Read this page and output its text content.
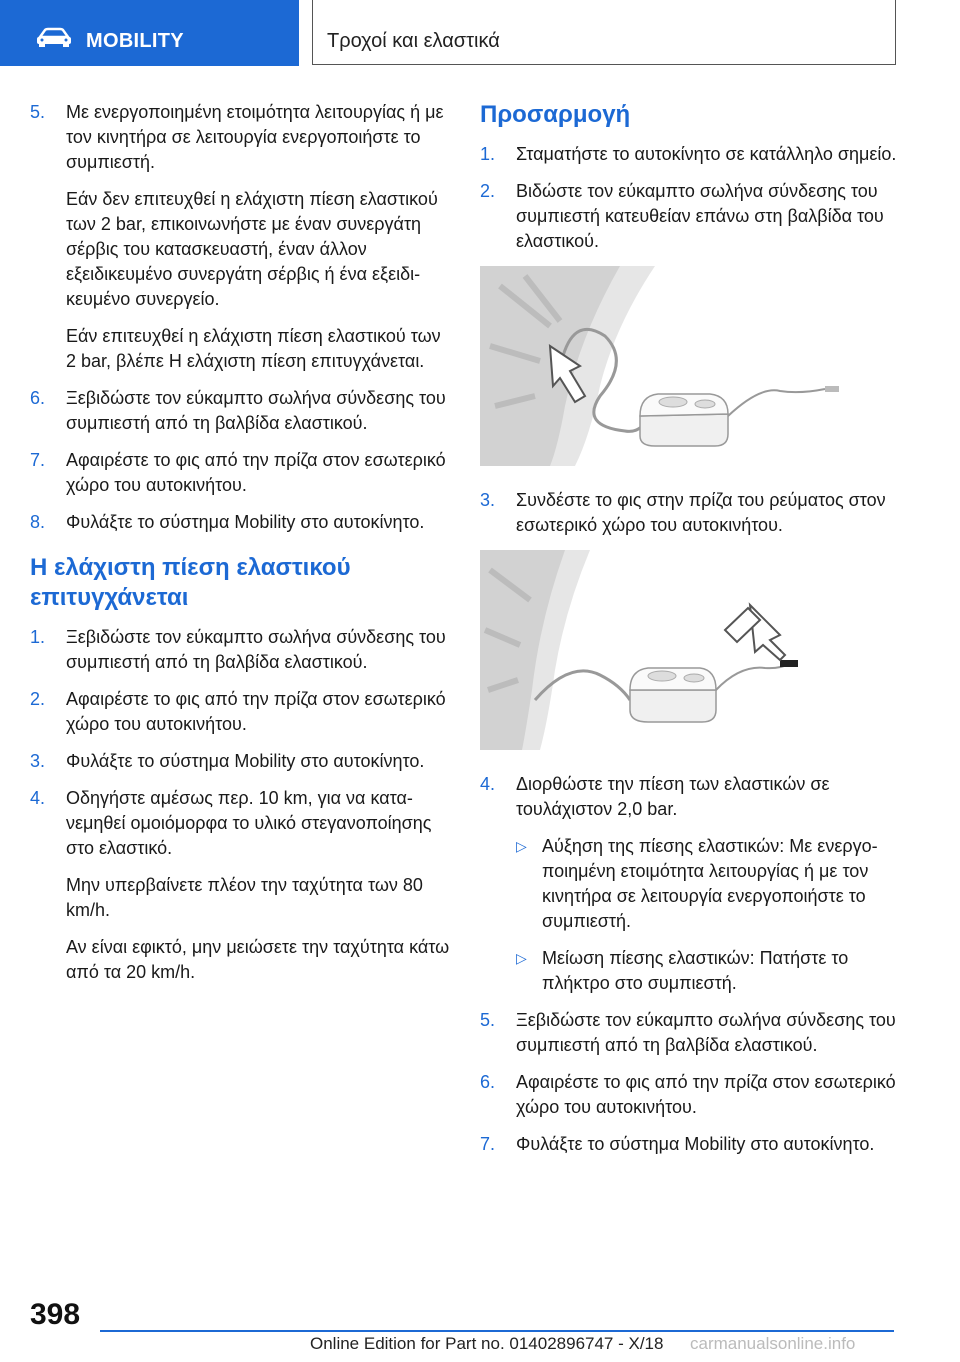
MOBILITY	Τροχοί και ελαστικά
5. Με ενεργοποιημένη ετοιμότητα λειτουργίας ή με τον κινητήρα σε λειτουργία ενεργοποιήστε το συμπιεστή.
Εάν δεν επιτευχθεί η ελάχιστη πίεση ελαστικού των 2 bar, επικοινωνήστε με έναν συνεργάτη σέρβις του κατασκευαστή, έναν άλλον εξειδικευμένο συνεργάτη σέρβις ή ένα εξειδικευμένο συνεργείο.
Εάν επιτευχθεί η ελάχιστη πίεση ελαστικού των 2 bar, βλέπε Η ελάχιστη πίεση επιτυγχάνεται.
6. Ξεβιδώστε τον εύκαμπτο σωλήνα σύνδεσης του συμπιεστή από τη βαλβίδα ελαστικού.
7. Αφαιρέστε το φις από την πρίζα στον εσωτερικό χώρο του αυτοκινήτου.
8. Φυλάξτε το σύστημα Mobility στο αυτοκίνητο.
Η ελάχιστη πίεση ελαστικού επιτυγχάνεται
1. Ξεβιδώστε τον εύκαμπτο σωλήνα σύνδεσης του συμπιεστή από τη βαλβίδα ελαστικού.
2. Αφαιρέστε το φις από την πρίζα στον εσωτερικό χώρο του αυτοκινήτου.
3. Φυλάξτε το σύστημα Mobility στο αυτοκίνητο.
4. Οδηγήστε αμέσως περ. 10 km, για να κατανεμηθεί ομοιόμορφα το υλικό στεγανοποίησης στο ελαστικό.
Μην υπερβαίνετε πλέον την ταχύτητα των 80 km/h.
Αν είναι εφικτό, μην μειώσετε την ταχύτητα κάτω από τα 20 km/h.
Προσαρμογή
1. Σταματήστε το αυτοκίνητο σε κατάλληλο σημείο.
2. Βιδώστε τον εύκαμπτο σωλήνα σύνδεσης του συμπιεστή κατευθείαν επάνω στη βαλβίδα του ελαστικού.
3. Συνδέστε το φις στην πρίζα του ρεύματος στον εσωτερικό χώρο του αυτοκινήτου.
4. Διορθώστε την πίεση των ελαστικών σε τουλάχιστον 2,0 bar.
▷ Αύξηση της πίεσης ελαστικών: Με ενεργοποιημένη ετοιμότητα λειτουργίας ή με τον κινητήρα σε λειτουργία ενεργοποιήστε το συμπιεστή.
▷ Μείωση πίεσης ελαστικών: Πατήστε το πλήκτρο στο συμπιεστή.
5. Ξεβιδώστε τον εύκαμπτο σωλήνα σύνδεσης του συμπιεστή από τη βαλβίδα ελαστικού.
6. Αφαιρέστε το φις από την πρίζα στον εσωτερικό χώρο του αυτοκινήτου.
7. Φυλάξτε το σύστημα Mobility στο αυτοκίνητο.
398
Online Edition for Part no. 01402896747 - X/18 carmanualsonline.info
